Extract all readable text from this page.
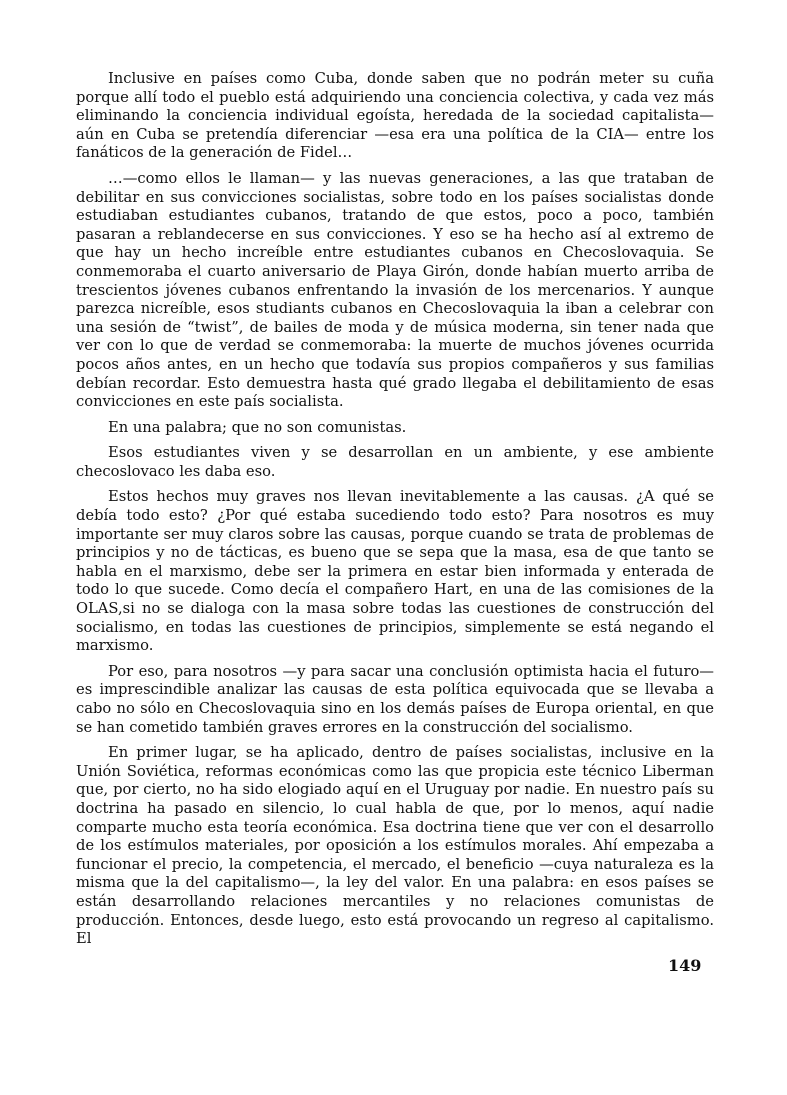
Inclusive en países como Cuba, donde saben que no podrán meter su cuña porque allí todo el pueblo está adquiriendo una conciencia colectiva, y cada vez más eliminando la conciencia individual egoísta, heredada de la sociedad capitalista— aún en Cuba se pretendía diferenciar —esa era una política de la CIA— entre los fanáticos de la generación de Fidel…

…—como ellos le llaman— y las nuevas generaciones, a las que trataban de debilitar en sus convicciones socialistas, sobre todo en los países socialistas donde estudiaban estudiantes cubanos, tratando de que estos, poco a poco, también pasaran a reblandecerse en sus convicciones. Y eso se ha hecho así al extremo de que hay un hecho increíble entre estudiantes cubanos en Checoslovaquia. Se conmemoraba el cuarto aniversario de Playa Girón, donde habían muerto arriba de trescientos jóvenes cubanos enfrentando la invasión de los mercenarios. Y aunque parezca nicreíble, esos studiants cubanos en Checoslovaquia la iban a celebrar con una sesión de “twist”, de bailes de moda y de música moderna, sin tener nada que ver con lo que de verdad se conmemoraba: la muerte de muchos jóvenes ocurrida pocos años antes, en un hecho que todavía sus propios compañeros y sus familias debían recordar. Esto demuestra hasta qué grado llegaba el debilitamiento de esas convicciones en este país socialista.

En una palabra; que no son comunistas.

Esos estudiantes viven y se desarrollan en un ambiente, y ese ambiente checoslovaco les daba eso.

Estos hechos muy graves nos llevan inevitablemente a las causas. ¿A qué se debía todo esto? ¿Por qué estaba sucediendo todo esto? Para nosotros es muy importante ser muy claros sobre las causas, porque cuando se trata de problemas de principios y no de tácticas, es bueno que se sepa que la masa, esa de que tanto se habla en el marxismo, debe ser la primera en estar bien informada y enterada de todo lo que sucede. Como decía el compañero Hart, en una de las comisiones de la OLAS,si no se dialoga con la masa sobre todas las cuestiones de construcción del socialismo, en todas las cuestiones de principios, simplemente se está negando el marxismo.

Por eso, para nosotros —y para sacar una conclusión optimista hacia el futuro— es imprescindible analizar las causas de esta política equivocada que se llevaba a cabo no sólo en Checoslovaquia sino en los demás países de Europa oriental, en que se han cometido también graves errores en la construcción del socialismo.

En primer lugar, se ha aplicado, dentro de países socialistas, inclusive en la Unión Soviética, reformas económicas como las que propicia este técnico Liberman que, por cierto, no ha sido elogiado aquí en el Uruguay por nadie. En nuestro país su doctrina ha pasado en silencio, lo cual habla de que, por lo menos, aquí nadie comparte mucho esta teoría económica. Esa doctrina tiene que ver con el desarrollo de los estímulos materiales, por oposición a los estímulos morales. Ahí empezaba a funcionar el precio, la competencia, el mercado, el beneficio —cuya naturaleza es la misma que la del capitalismo—, la ley del valor. En una palabra: en esos países se están desarrollando relaciones mercantiles y no relaciones comunistas de producción. Entonces, desde luego, esto está provocando un regreso al capitalismo. El

149
